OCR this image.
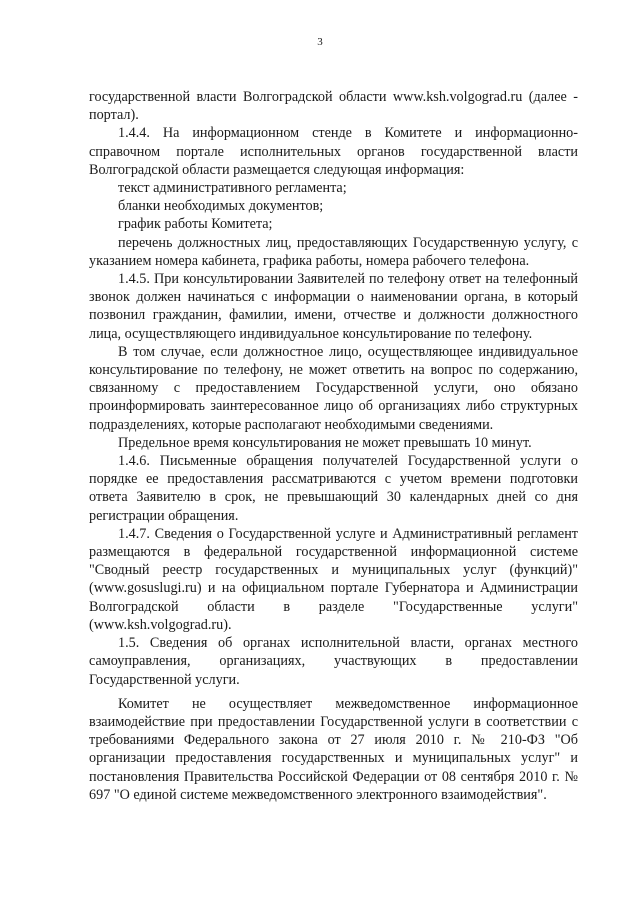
3

государственной власти Волгоградской области www.ksh.volgograd.ru (далее - портал).

1.4.4. На информационном стенде в Комитете и информационно-справочном портале исполнительных органов государственной власти Волгоградской области размещается следующая информация:

текст административного регламента;

бланки необходимых документов;

график работы Комитета;

перечень должностных лиц, предоставляющих Государственную услугу, с указанием номера кабинета, графика работы, номера рабочего телефона.

1.4.5. При консультировании Заявителей по телефону ответ на телефонный звонок должен начинаться с информации о наименовании органа, в который позвонил гражданин, фамилии, имени, отчестве и должности должностного лица, осуществляющего индивидуальное консультирование по телефону.

В том случае, если должностное лицо, осуществляющее индивидуальное консультирование по телефону, не может ответить на вопрос по содержанию, связанному с предоставлением Государственной услуги, оно обязано проинформировать заинтересованное лицо об организациях либо структурных подразделениях, которые располагают необходимыми сведениями.

Предельное время консультирования не может превышать 10 минут.

1.4.6. Письменные обращения получателей Государственной услуги о порядке ее предоставления рассматриваются с учетом времени подготовки ответа Заявителю в срок, не превышающий 30 календарных дней со дня регистрации обращения.

1.4.7. Сведения о Государственной услуге и Административный регламент размещаются в федеральной государственной информационной системе "Сводный реестр государственных и муниципальных услуг (функций)" (www.gosuslugi.ru) и на официальном портале Губернатора и Администрации Волгоградской области в разделе "Государственные услуги" (www.ksh.volgograd.ru).

1.5. Сведения об органах исполнительной власти, органах местного самоуправления, организациях, участвующих в предоставлении Государственной услуги.

Комитет не осуществляет межведомственное информационное взаимодействие при предоставлении Государственной услуги в соответствии с требованиями Федерального закона от 27 июля 2010 г. № 210-ФЗ "Об организации предоставления государственных и муниципальных услуг" и постановления Правительства Российской Федерации от 08 сентября 2010 г. № 697 "О единой системе межведомственного электронного взаимодействия".
